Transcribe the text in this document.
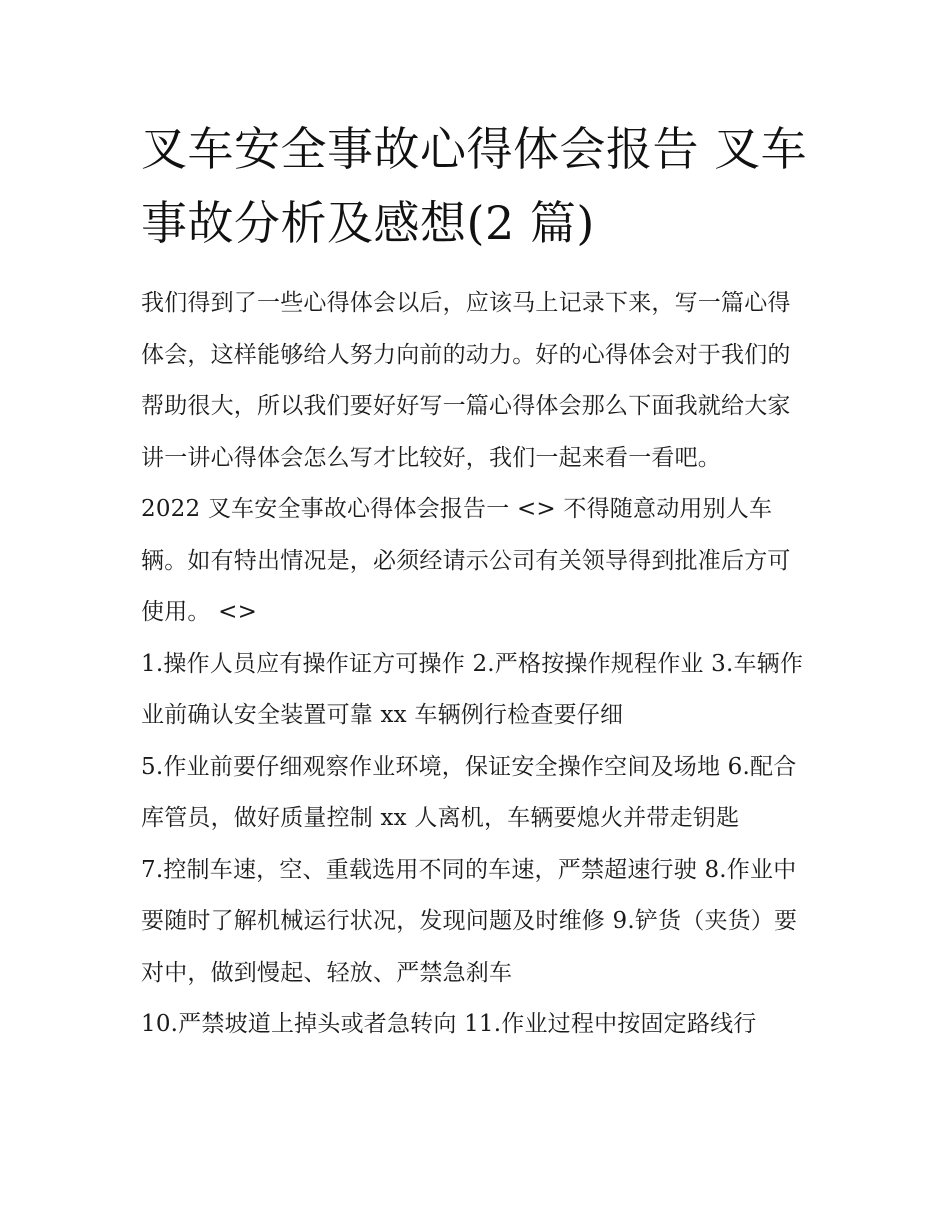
叉车安全事故心得体会报告 叉车事故分析及感想(2 篇)

我们得到了一些心得体会以后，应该马上记录下来，写一篇心得体会，这样能够给人努力向前的动力。好的心得体会对于我们的帮助很大，所以我们要好好写一篇心得体会那么下面我就给大家讲一讲心得体会怎么写才比较好，我们一起来看一看吧。

2022 叉车安全事故心得体会报告一 <> 不得随意动用别人车辆。如有特出情况是，必须经请示公司有关领导得到批准后方可使用。 <>

1.操作人员应有操作证方可操作 2.严格按操作规程作业 3.车辆作业前确认安全装置可靠 xx 车辆例行检查要仔细

5.作业前要仔细观察作业环境，保证安全操作空间及场地 6.配合库管员，做好质量控制 xx 人离机，车辆要熄火并带走钥匙

7.控制车速，空、重载选用不同的车速，严禁超速行驶 8.作业中要随时了解机械运行状况，发现问题及时维修 9.铲货（夹货）要对中，做到慢起、轻放、严禁急刹车

10.严禁坡道上掉头或者急转向 11.作业过程中按固定路线行
